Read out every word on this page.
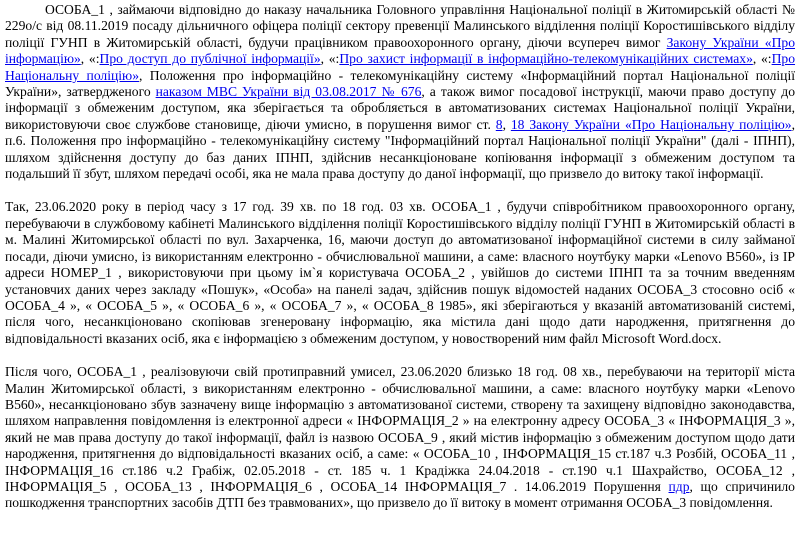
ОСОБА_1 , займаючи відповідно до наказу начальника Головного управління Національної поліції в Житомирській області № 229о/с від 08.11.2019 посаду дільничного офіцера поліції сектору превенції Малинського відділення поліції Коростишівського відділу поліції ГУНП в Житомирській області, будучи працівником правоохоронного органу, діючи всупереч вимог Закону України «Про інформацію», «:Про доступ до публічної інформації», «:Про захист інформації в інформаційно-телекомунікаційних системах», «:Про Національну поліцію», Положення про інформаційно - телекомунікаційну систему «Інформаційний портал Національної поліції України», затвердженого наказом МВС України від 03.08.2017 № 676, а також вимог посадової інструкції, маючи право доступу до інформації з обмеженим доступом, яка зберігається та обробляється в автоматизованих системах Національної поліції України, використовуючи своє службове становище, діючи умисно, в порушення вимог ст. 8, 18 Закону України «Про Національну поліцію», п.6. Положення про інформаційно - телекомунікаційну систему "Інформаційний портал Національної поліції України" (далі - ІПНП), шляхом здійснення доступу до баз даних ІПНП, здійснив несанкціоноване копіювання інформації з обмеженим доступом та подальший її збут, шляхом передачі особі, яка не мала права доступу до даної інформації, що призвело до витоку такої інформації.

Так, 23.06.2020 року в період часу з 17 год. 39 хв. по 18 год. 03 хв. ОСОБА_1 , будучи співробітником правоохоронного органу, перебуваючи в службовому кабінеті Малинського відділення поліції Коростишівського відділу поліції ГУНП в Житомирській області в м. Малині Житомирської області по вул. Захарченка, 16, маючи доступ до автоматизованої інформаційної системи в силу займаної посади, діючи умисно, із використанням електронно - обчислювальної машини, а саме: власного ноутбуку марки «Lenovo В560», із ІР адреси НОМЕР_1 , використовуючи при цьому ім`я користувача ОСОБА_2 , увійшов до системи ІПНП та за точним введенням установчих даних через закладу «Пошук», «Особа» на панелі задач, здійснив пошук відомостей наданих ОСОБА_3 стосовно осіб « ОСОБА_4 », « ОСОБА_5 », « ОСОБА_6 », « ОСОБА_7 », « ОСОБА_8 1985», які зберігаються у вказаній автоматизованій системі, після чого, несанкціоновано скопіював згенеровану інформацію, яка містила дані щодо дати народження, притягнення до відповідальності вказаних осіб, яка є інформацією з обмеженим доступом, у новостворений ним файл Microsoft Word.docx.

Після чого, ОСОБА_1 , реалізовуючи свій протиправний умисел, 23.06.2020 близько 18 год. 08 хв., перебуваючи на території міста Малин Житомирської області, з використанням електронно - обчислювальної машини, а саме: власного ноутбуку марки «Lenovo В560», несанкціоновано збув зазначену вище інформацію з автоматизованої системи, створену та захищену відповідно законодавства, шляхом направлення повідомлення із електронної адреси « ІНФОРМАЦІЯ_2 » на електронну адресу ОСОБА_3 « ІНФОРМАЦІЯ_3 », який не мав права доступу до такої інформації, файл із назвою ОСОБА_9 , який містив інформацію з обмеженим доступом щодо дати народження, притягнення до відповідальності вказаних осіб, а саме: « ОСОБА_10 , ІНФОРМАЦІЯ_15 ст.187 ч.3 Розбій, ОСОБА_11 , ІНФОРМАЦІЯ_16 ст.186 ч.2 Грабіж, 02.05.2018 - ст. 185 ч. 1 Крадіжка 24.04.2018 - ст.190 ч.1 Шахрайство, ОСОБА_12 , ІНФОРМАЦІЯ_5 , ОСОБА_13 , ІНФОРМАЦІЯ_6 , ОСОБА_14 ІНФОРМАЦІЯ_7 . 14.06.2019 Порушення пдр, що спричинило пошкодження транспортних засобів ДТП без травмованих», що призвело до її витоку в момент отримання ОСОБА_3 повідомлення.
